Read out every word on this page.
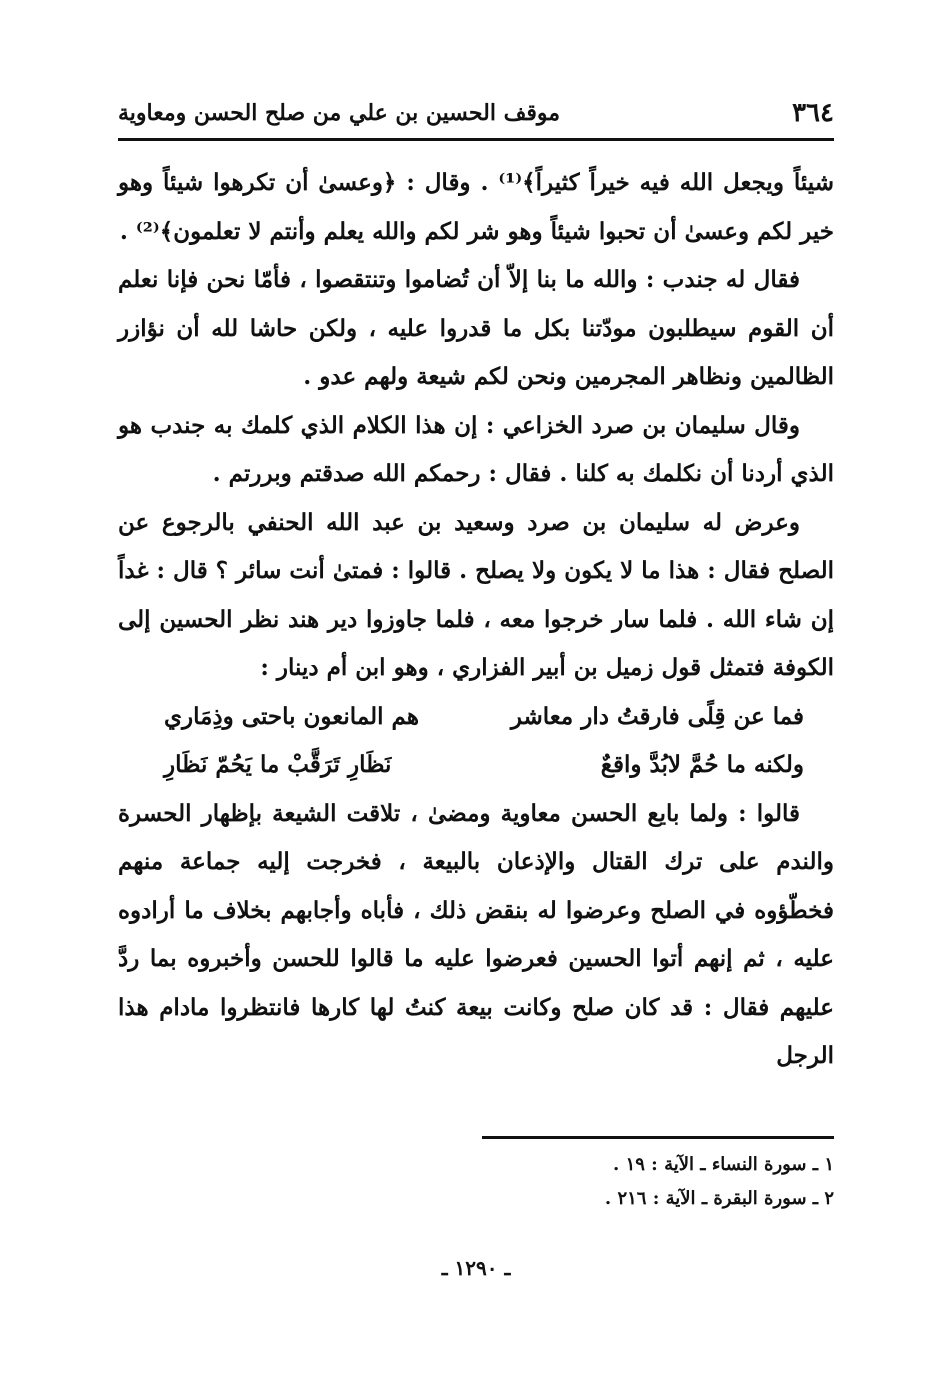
٣٦٤
موقف الحسين بن علي من صلح الحسن ومعاوية

شيئاً ويجعل الله فيه خيراً كثيراً﴾⁽¹⁾ . وقال : ﴿وعسىٰ أن تكرهوا شيئاً وهو خير لكم وعسىٰ أن تحبوا شيئاً وهو شر لكم والله يعلم وأنتم لا تعلمون﴾⁽²⁾ .

فقال له جندب : والله ما بنا إلاّ أن تُضاموا وتنتقصوا ، فأمّا نحن فإنا نعلم أن القوم سيطلبون مودّتنا بكل ما قدروا عليه ، ولكن حاشا لله أن نؤازر الظالمين ونظاهر المجرمين ونحن لكم شيعة ولهم عدو .

وقال سليمان بن صرد الخزاعي : إن هذا الكلام الذي كلمك به جندب هو الذي أردنا أن نكلمك به كلنا . فقال : رحمكم الله صدقتم وبررتم .

وعرض له سليمان بن صرد وسعيد بن عبد الله الحنفي بالرجوع عن الصلح فقال : هذا ما لا يكون ولا يصلح . قالوا : فمتىٰ أنت سائر ؟ قال : غداً إن شاء الله . فلما سار خرجوا معه ، فلما جاوزوا دير هند نظر الحسين إلى الكوفة فتمثل قول زميل بن أبير الفزاري ، وهو ابن أم دينار :

فما عن قِلًى فارقتُ دار معاشر
هم المانعون باحتى وذِمَاري
ولكنه ما حُمَّ لابُدَّ واقعٌ
نَظَارِ تَرَقَّبْ ما يَحُمّ نَظَارِ

قالوا : ولما بايع الحسن معاوية ومضىٰ ، تلاقت الشيعة بإظهار الحسرة والندم على ترك القتال والإذعان بالبيعة ، فخرجت إليه جماعة منهم فخطّؤوه في الصلح وعرضوا له بنقض ذلك ، فأباه وأجابهم بخلاف ما أرادوه عليه ، ثم إنهم أتوا الحسين فعرضوا عليه ما قالوا للحسن وأخبروه بما ردَّ عليهم فقال : قد كان صلح وكانت بيعة كنتُ لها كارها فانتظروا مادام هذا الرجل

١ ـ سورة النساء ـ الآية : ١٩ .
٢ ـ سورة البقرة ـ الآية : ٢١٦ .
ـ ١٢٩٠ ـ
